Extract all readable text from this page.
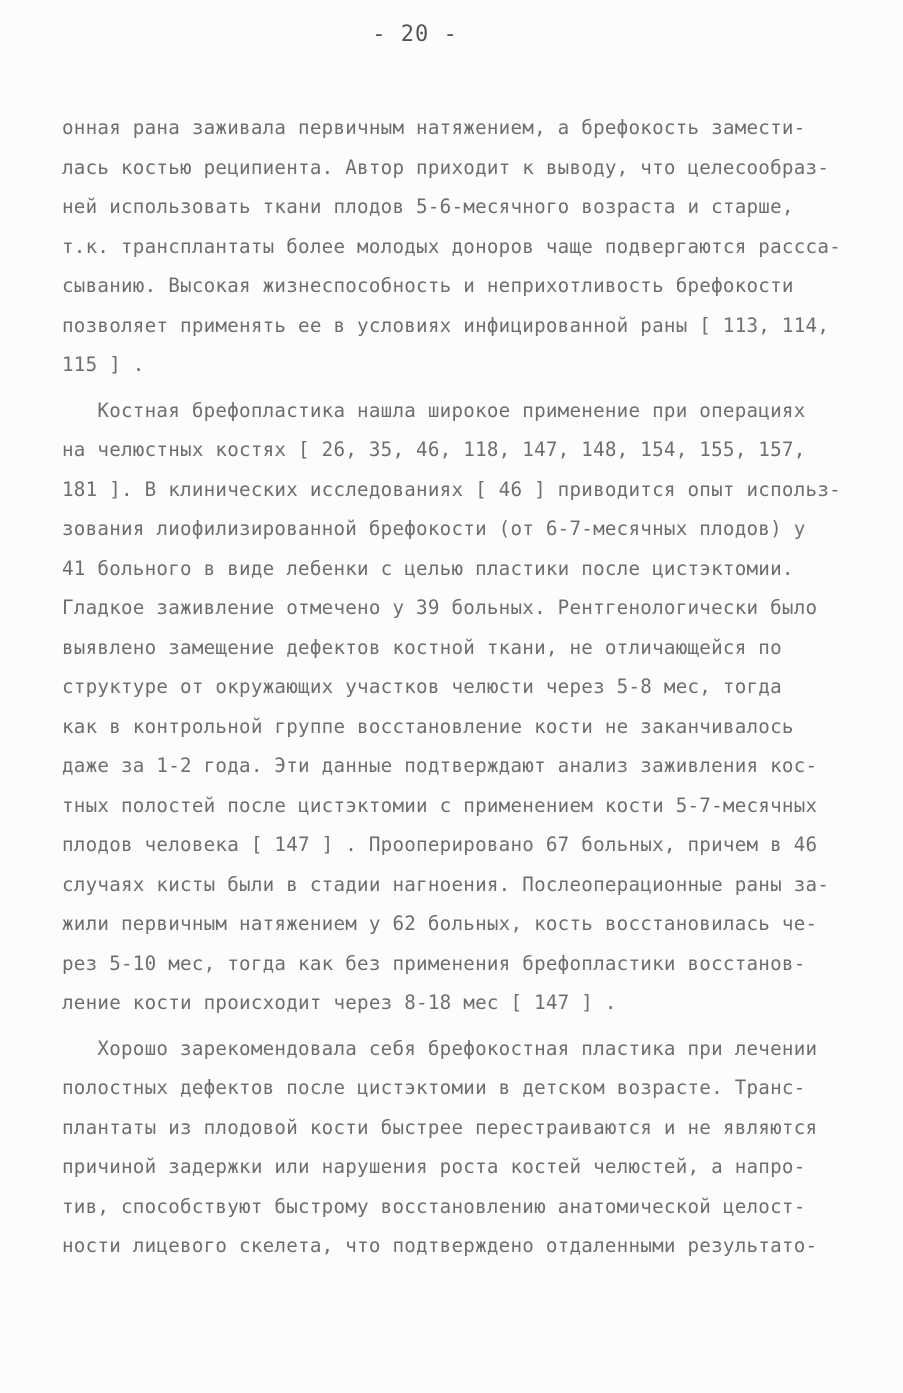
- 20 -
онная рана заживала первичным натяжением, а брефокость замести-
лась костью реципиента. Автор приходит к выводу, что целесообраз-
ней использовать ткани плодов 5-6-месячного возраста и старше,
т.к. трансплантаты более молодых доноров чаще подвергаются рассса-
сыванию. Высокая жизнеспособность и неприхотливость брефокости
позволяет применять ее в условиях инфицированной раны [ 113, 114,
115 ] .
Костная брефопластика нашла широкое применение при операциях
на челюстных костях [ 26, 35, 46, 118, 147, 148, 154, 155, 157,
181 ]. В клинических исследованиях [ 46 ] приводится опыт использ-
зования лиофилизированной брефокости (от 6-7-месячных плодов) у
41 больного в виде лебенки с целью пластики после цистэктомии.
Гладкое заживление отмечено у 39 больных. Рентгенологически было
выявлено замещение дефектов костной ткани, не отличающейся по
структуре от окружающих участков челюсти через 5-8 мес, тогда
как в контрольной группе восстановление кости не заканчивалось
даже за 1-2 года. Эти данные подтверждают анализ заживления кос-
тных полостей после цистэктомии с применением кости 5-7-месячных
плодов человека [ 147 ] . Прооперировано 67 больных, причем в 46
случаях кисты были в стадии нагноения. Послеоперационные раны за-
жили первичным натяжением у 62 больных, кость восстановилась че-
рез 5-10 мес, тогда как без применения брефопластики восстанов-
ление кости происходит через 8-18 мес [ 147 ] .
Хорошо зарекомендовала себя брефокостная пластика при лечении
полостных дефектов после цистэктомии в детском возрасте. Транс-
плантаты из плодовой кости быстрее перестраиваются и не являются
причиной задержки или нарушения роста костей челюстей, а напро-
тив, способствуют быстрому восстановлению анатомической целост-
ности лицевого скелета, что подтверждено отдаленными результато-
